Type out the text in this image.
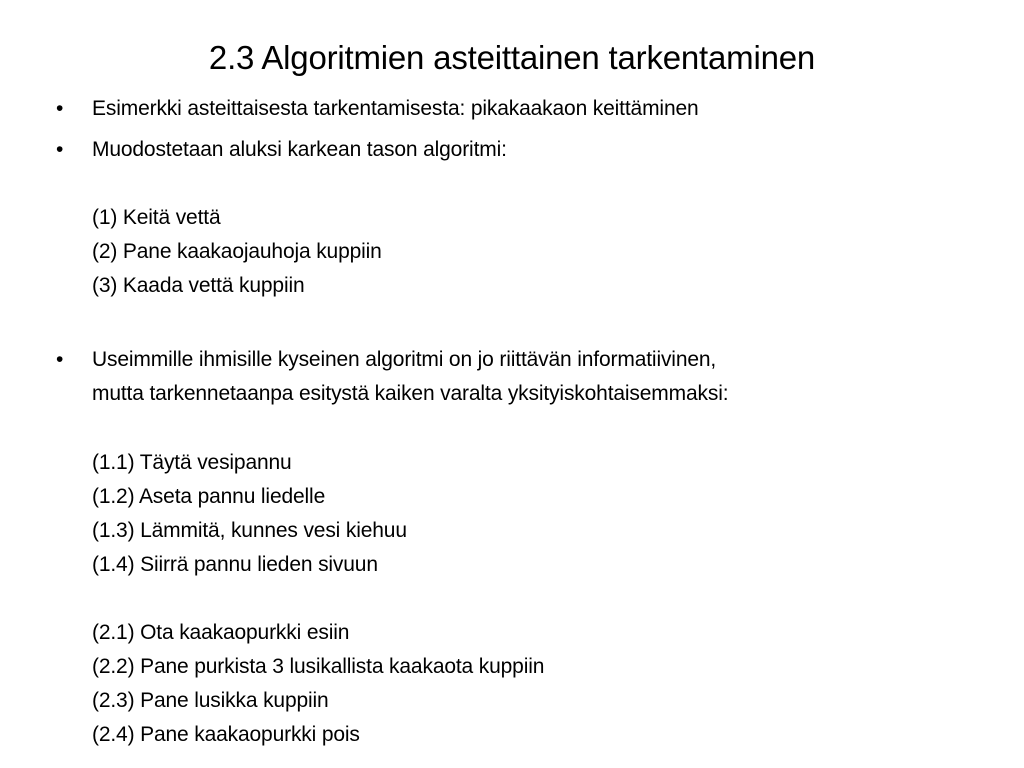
2.3 Algoritmien asteittainen tarkentaminen
• Esimerkki asteittaisesta tarkentamisesta: pikakaakaon keittäminen
• Muodostetaan aluksi karkean tason algoritmi:
(1) Keitä vettä
(2) Pane kaakaojauhoja kuppiin
(3) Kaada vettä kuppiin
• Useimmille ihmisille kyseinen algoritmi on jo riittävän informatiivinen,
mutta tarkennetaanpa esitystä kaiken varalta yksityiskohtaisemmaksi:
(1.1) Täytä vesipannu
(1.2) Aseta pannu liedelle
(1.3) Lämmitä, kunnes vesi kiehuu
(1.4) Siirrä pannu lieden sivuun
(2.1) Ota kaakaopurkki esiin
(2.2) Pane purkista 3 lusikallista kaakaota kuppiin
(2.3) Pane lusikka kuppiin
(2.4) Pane kaakaopurkki pois
